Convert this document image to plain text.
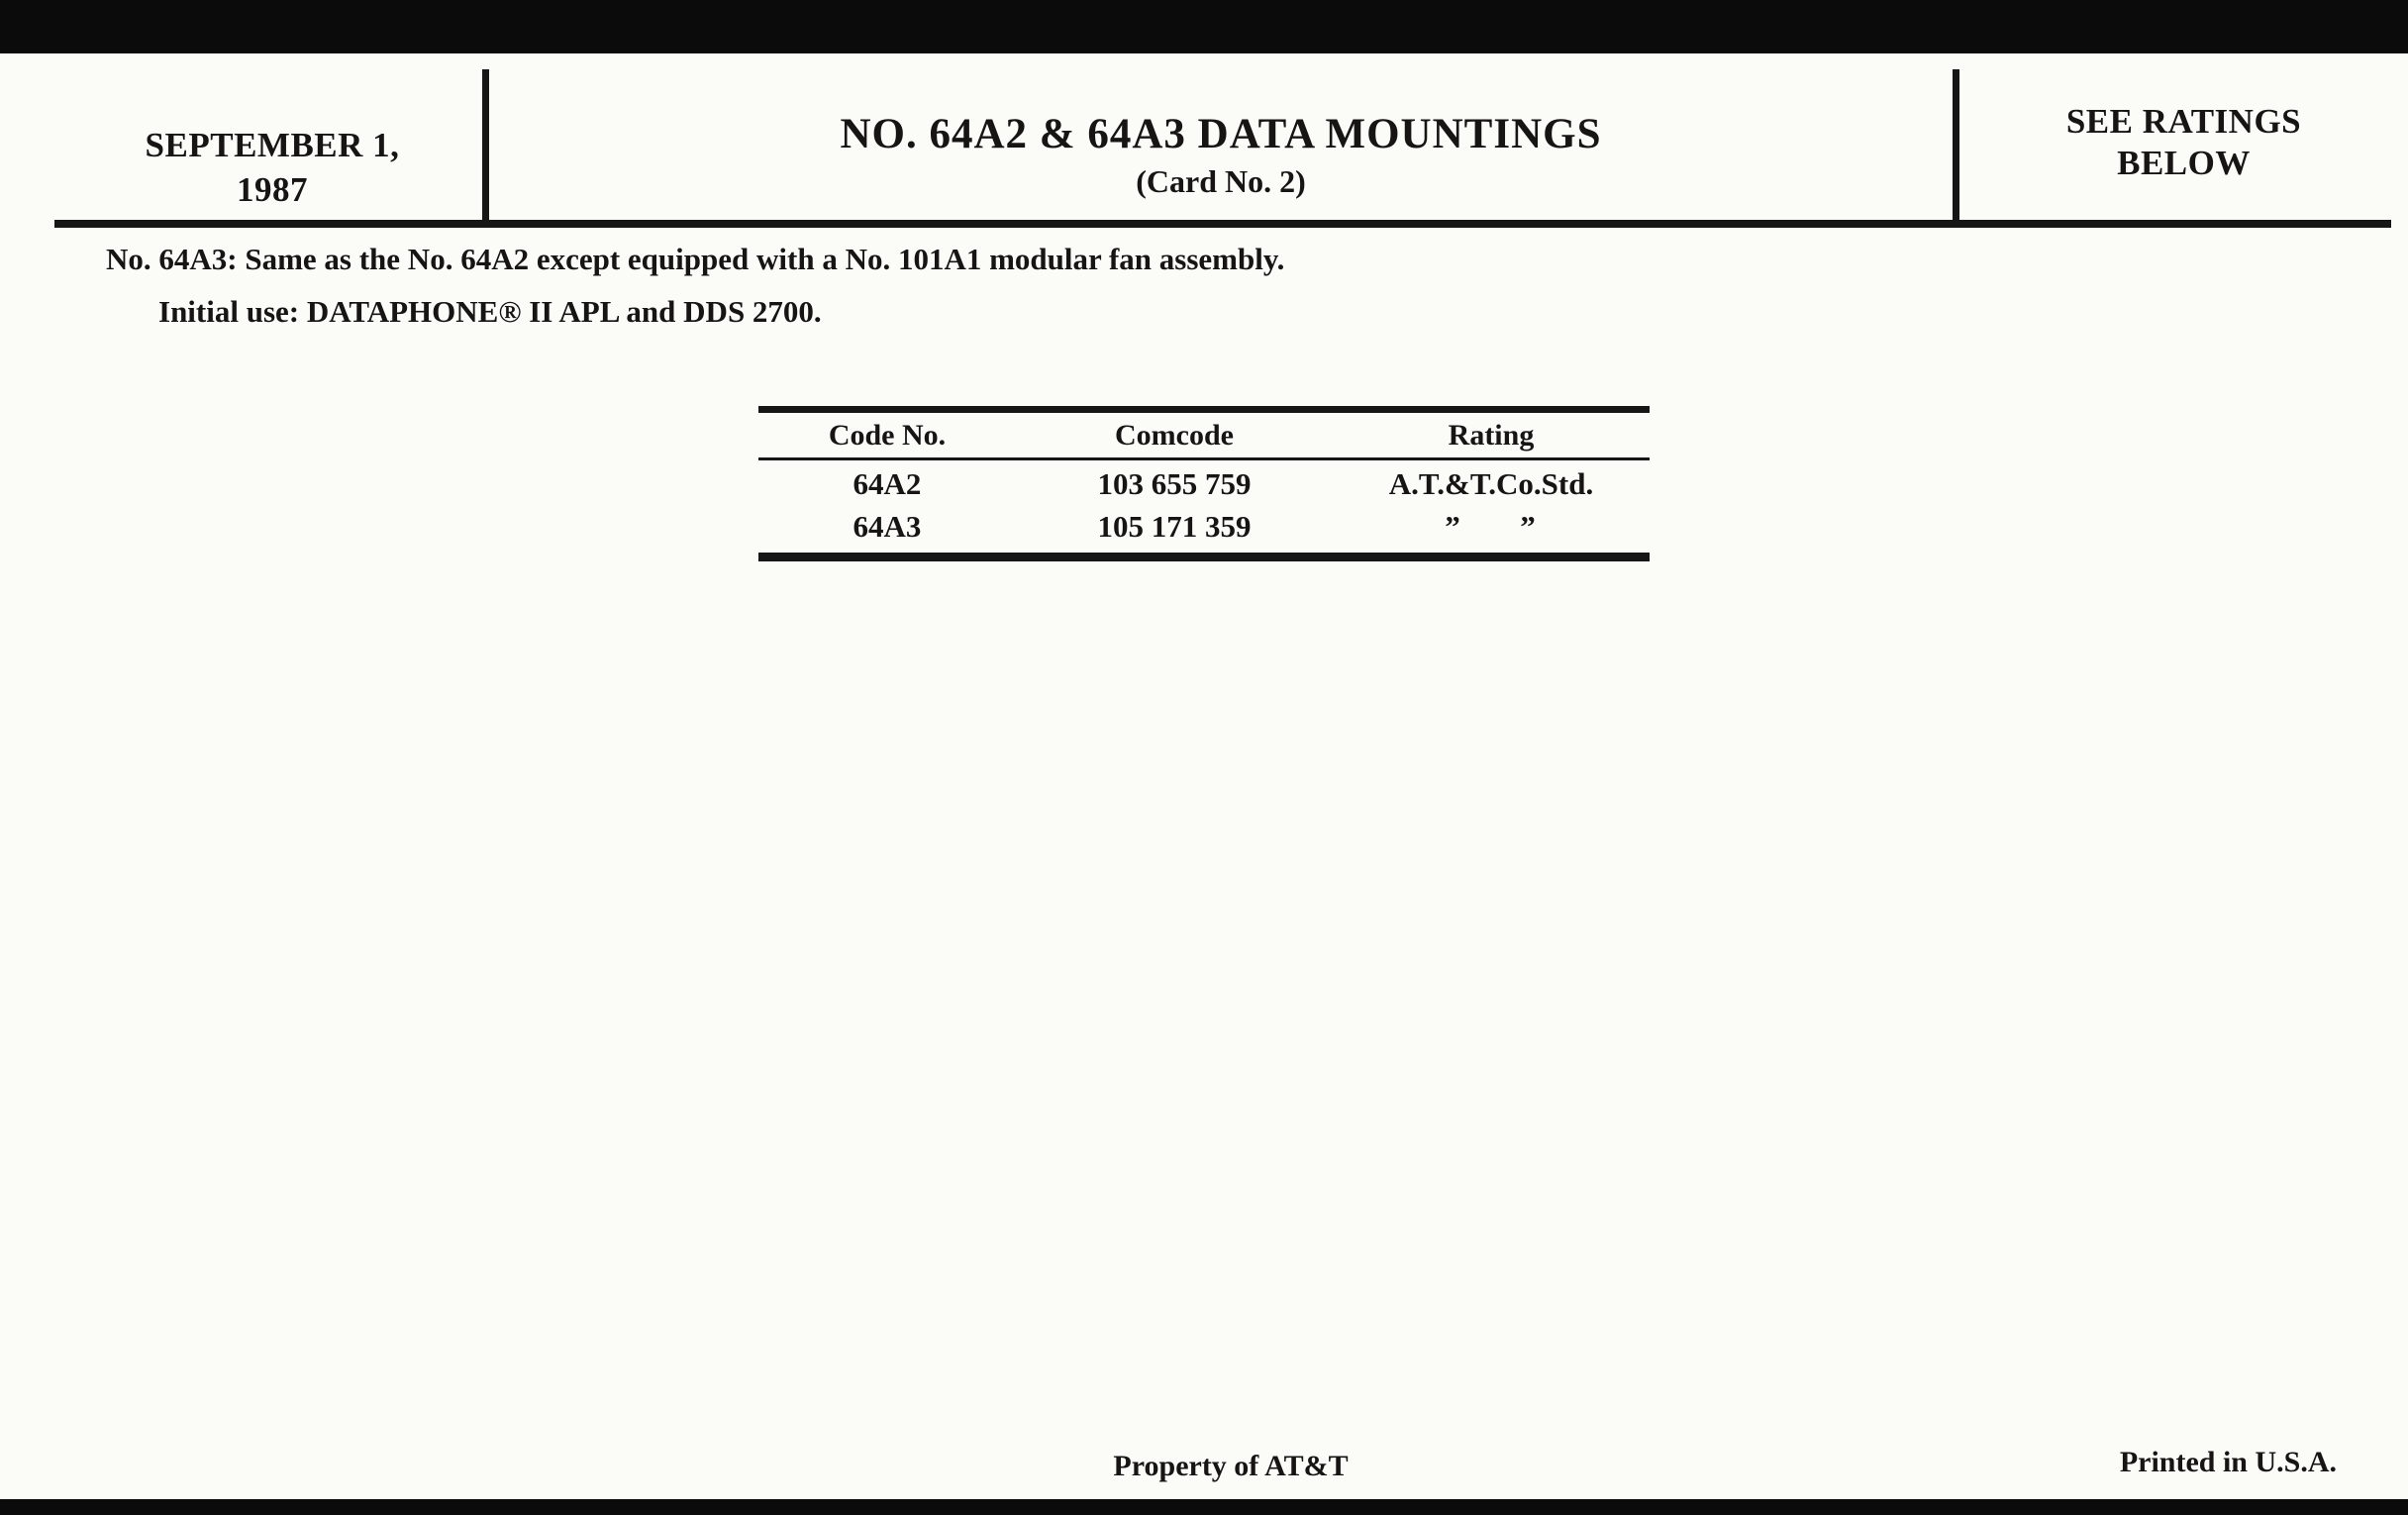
SEPTEMBER 1,
1987
NO. 64A2 & 64A3 DATA MOUNTINGS
(Card No. 2)
SEE RATINGS
BELOW
No. 64A3: Same as the No. 64A2 except equipped with a No. 101A1 modular fan assembly.
Initial use: DATAPHONE® II APL and DDS 2700.
Code No.	Comcode	Rating
64A2	103 655 759	A.T.&T.Co.Std.
64A3	105 171 359	”      ”
Property of AT&T	Printed in U.S.A.
